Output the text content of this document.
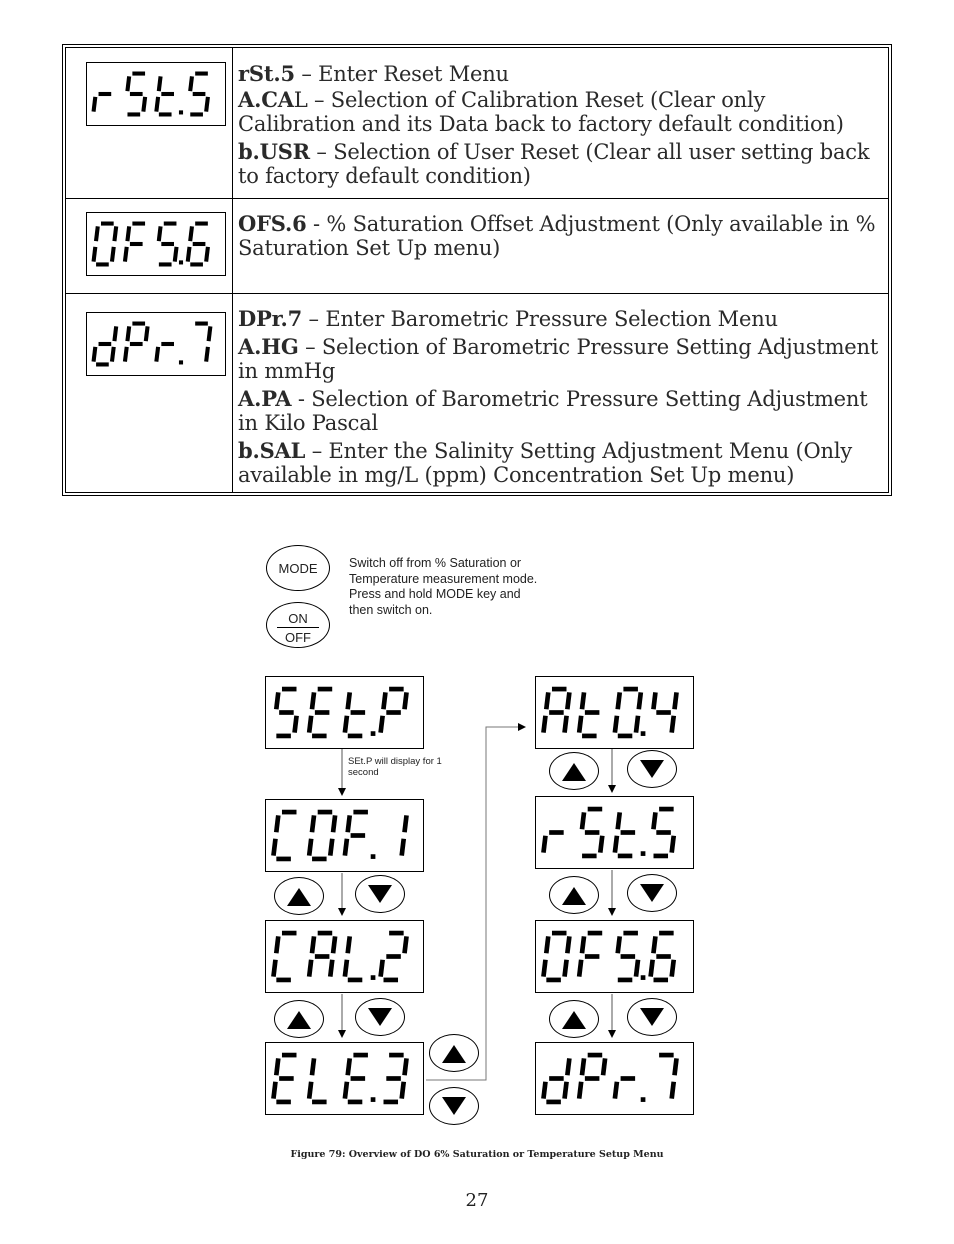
rSt.5 – Enter Reset Menu

A.CAL – Selection of Calibration Reset (Clear only Calibration and its Data back to factory default condition)

b.USR – Selection of User Reset (Clear all user setting back to factory default condition)

OFS.6 - % Saturation Offset Adjustment (Only available in % Saturation Set Up menu)

DPr.7 – Enter Barometric Pressure Selection Menu

A.HG – Selection of Barometric Pressure Setting Adjustment in mmHg

A.PA - Selection of Barometric Pressure Setting Adjustment in Kilo Pascal

b.SAL – Enter the Salinity Setting Adjustment Menu (Only available in mg/L (ppm) Concentration Set Up menu)

MODE
ON
OFF
Switch off from % Saturation or Temperature measurement mode. Press and hold MODE key and then switch on.
SEt.P will display for 1 second
Figure 79: Overview of DO 6% Saturation or Temperature Setup Menu
27
